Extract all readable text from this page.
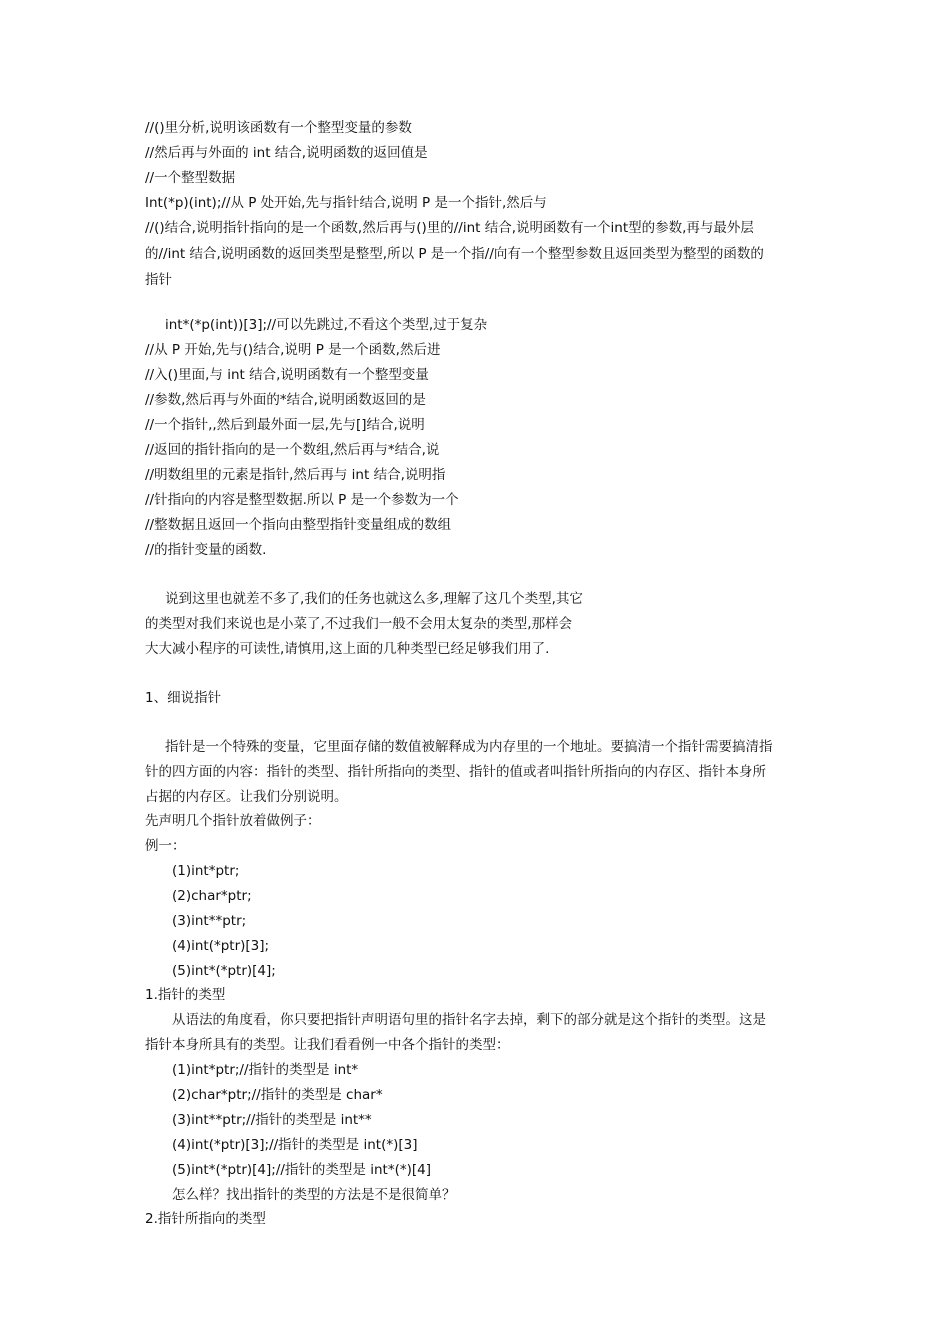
//()里分析,说明该函数有一个整型变量的参数
//然后再与外面的 int 结合,说明函数的返回值是
//一个整型数据
Int(*p)(int);//从 P 处开始,先与指针结合,说明 P 是一个指针,然后与
//()结合,说明指针指向的是一个函数,然后再与()里的//int 结合,说明函数有一个int型的参数,再与最外层
的//int 结合,说明函数的返回类型是整型,所以 P 是一个指//向有一个整型参数且返回类型为整型的函数的
指针
int*(*p(int))[3];//可以先跳过,不看这个类型,过于复杂
//从 P 开始,先与()结合,说明 P 是一个函数,然后进
//入()里面,与 int 结合,说明函数有一个整型变量
//参数,然后再与外面的*结合,说明函数返回的是
//一个指针,,然后到最外面一层,先与[]结合,说明
//返回的指针指向的是一个数组,然后再与*结合,说
//明数组里的元素是指针,然后再与 int 结合,说明指
//针指向的内容是整型数据.所以 P 是一个参数为一个
//整数据且返回一个指向由整型指针变量组成的数组
//的指针变量的函数.
说到这里也就差不多了,我们的任务也就这么多,理解了这几个类型,其它
的类型对我们来说也是小菜了,不过我们一般不会用太复杂的类型,那样会
大大减小程序的可读性,请慎用,这上面的几种类型已经足够我们用了.
1、细说指针
指针是一个特殊的变量，它里面存储的数值被解释成为内存里的一个地址。要搞清一个指针需要搞清指
针的四方面的内容：指针的类型、指针所指向的类型、指针的值或者叫指针所指向的内存区、指针本身所
占据的内存区。让我们分别说明。
先声明几个指针放着做例子：
例一：
(1)int*ptr;
(2)char*ptr;
(3)int**ptr;
(4)int(*ptr)[3];
(5)int*(*ptr)[4];
1.指针的类型
从语法的角度看，你只要把指针声明语句里的指针名字去掉，剩下的部分就是这个指针的类型。这是
指针本身所具有的类型。让我们看看例一中各个指针的类型：
(1)int*ptr;//指针的类型是 int*
(2)char*ptr;//指针的类型是 char*
(3)int**ptr;//指针的类型是 int**
(4)int(*ptr)[3];//指针的类型是 int(*)[3]
(5)int*(*ptr)[4];//指针的类型是 int*(*)[4]
怎么样？找出指针的类型的方法是不是很简单？
2.指针所指向的类型
